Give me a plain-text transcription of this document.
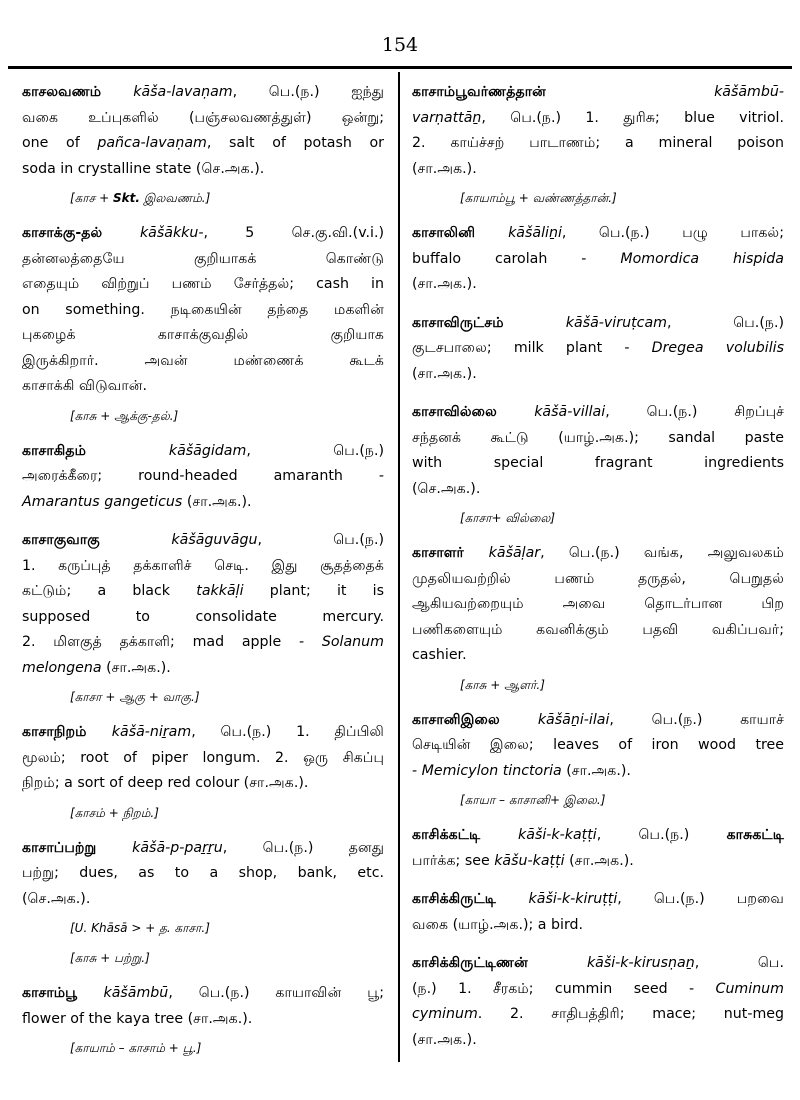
154
காசலவணம் kāša-lavaṇam, பெ.(ந.) ஐந்து
வகை உப்புகளில் (பஞ்சலவணத்துள்) ஒன்று;
one of pañca-lavaṇam, salt of potash or
soda in crystalline state (செ.அக.).
[காச + Skt. இலவணம்.]
காசாக்கு-தல் kāšākku-, 5 செ.கு.வி.(v.i.)
தன்னலத்தையே குறியாகக் கொண்டு
எதையும் விற்றுப் பணம் சேர்த்தல்; cash in
on something. நடிகையின் தந்தை மகளின்
புகழைக் காசாக்குவதில் குறியாக
இருக்கிறார். அவன் மண்ணைக் கூடக்
காசாக்கி விடுவான்.
[காசு + ஆக்கு-தல்.]
காசாகிதம் kāšāgidam, பெ.(ந.)
அரைக்கீரை; round-headed amaranth -
Amarantus gangeticus (சா.அக.).
காசாகுவாகு kāšāguvāgu, பெ.(ந.)
1. கருப்புத் தக்காளிச் செடி. இது சூதத்தைக்
கட்டும்; a black takkāḷi plant; it is
supposed to consolidate mercury.
2. மிளகுத் தக்காளி; mad apple - Solanum
melongena (சா.அக.).
[காசா + ஆகு + வாகு.]
காசாநிறம் kāšā-niṟam, பெ.(ந.) 1. திப்பிலி
மூலம்; root of piper longum. 2. ஒரு சிகப்பு
நிறம்; a sort of deep red colour (சா.அக.).
[காசம் + நிறம்.]
காசாப்பற்று kāšā-p-paṟṟu, பெ.(ந.) தனது
பற்று; dues, as to a shop, bank, etc.
(செ.அக.).
[U. Khāsā > + த. காசா.]
[காசு + பற்று.]
காசாம்பூ kāšāmbū, பெ.(ந.) காயாவின் பூ;
flower of the kaya tree (சா.அக.).
[காயாம் – காசாம் + பூ.]
காசாம்பூவர்ணத்தான் kāšāmbū-
varṇattāṉ, பெ.(ந.) 1. துரிசு; blue vitriol.
2. காய்ச்சற் பாடாணம்; a mineral poison
(சா.அக.).
[காயாம்பூ + வண்ணத்தான்.]
காசாலினி kāšāliṉi, பெ.(ந.) பழு பாகல்;
buffalo carolah - Momordica hispida
(சா.அக.).
காசாவிருட்சம் kāšā-viruṭcam, பெ.(ந.)
குடசபாலை; milk plant - Dregea volubilis
(சா.அக.).
காசாவில்லை kāšā-villai, பெ.(ந.) சிறப்புச்
சந்தனக் கூட்டு (யாழ்.அக.); sandal paste
with special fragrant ingredients
(செ.அக.).
[காசா+ வில்லை]
காசாளர் kāšāḷar, பெ.(ந.) வங்க, அலுவலகம்
முதலியவற்றில் பணம் தருதல், பெறுதல்
ஆகியவற்றையும் அவை தொடர்பான பிற
பணிகளையும் கவனிக்கும் பதவி வகிப்பவர்;
cashier.
[காசு + ஆளர்.]
காசானிஇலை kāšāṉi-ilai, பெ.(ந.) காயாச்
செடியின் இலை; leaves of iron wood tree
- Memicylon tinctoria (சா.அக.).
[காயா – காசானி+ இலை.]
காசிக்கட்டி kāši-k-kaṭṭi, பெ.(ந.) காசுகட்டி
பார்க்க; see kāšu-kaṭṭi (சா.அக.).
காசிக்கிருட்டி kāši-k-kiruṭṭi, பெ.(ந.) பறவை
வகை (யாழ்.அக.); a bird.
காசிக்கிருட்டிணன் kāši-k-kirusṇaṉ, பெ.
(ந.) 1. சீரகம்; cummin seed - Cuminum
cyminum. 2. சாதிபத்திரி; mace; nut-meg
(சா.அக.).
